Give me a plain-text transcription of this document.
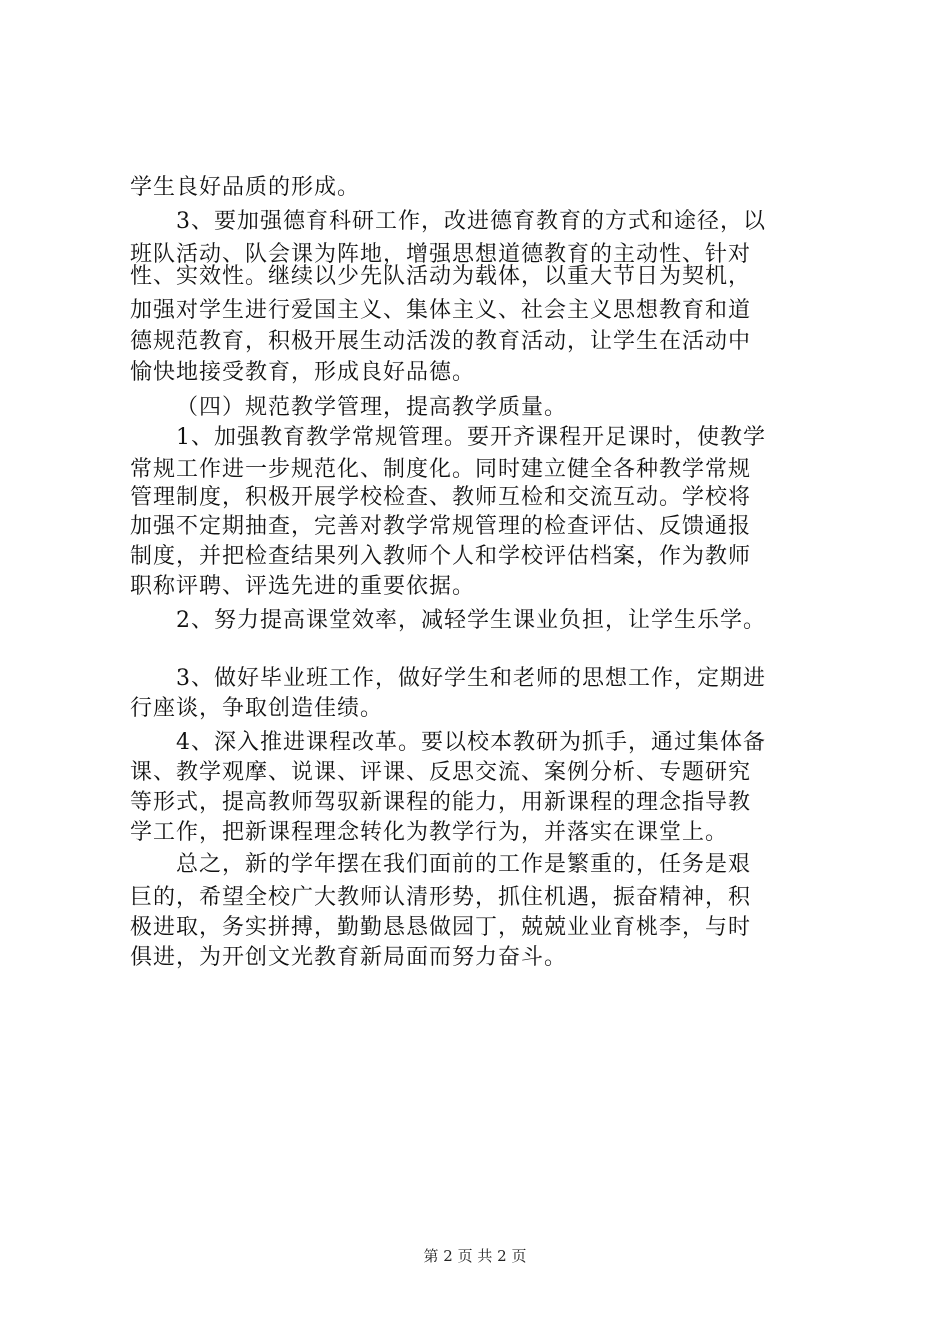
学生良好品质的形成。
3、要加强德育科研工作，改进德育教育的方式和途径，以
班队活动、队会课为阵地，增强思想道德教育的主动性、针对
性、实效性。继续以少先队活动为载体，以重大节日为契机，
加强对学生进行爱国主义、集体主义、社会主义思想教育和道
德规范教育，积极开展生动活泼的教育活动，让学生在活动中
愉快地接受教育，形成良好品德。
（四）规范教学管理，提高教学质量。
1、加强教育教学常规管理。要开齐课程开足课时，使教学
常规工作进一步规范化、制度化。同时建立健全各种教学常规
管理制度，积极开展学校检查、教师互检和交流互动。学校将
加强不定期抽查，完善对教学常规管理的检查评估、反馈通报
制度，并把检查结果列入教师个人和学校评估档案，作为教师
职称评聘、评选先进的重要依据。
2、努力提高课堂效率，减轻学生课业负担，让学生乐学。
3、做好毕业班工作，做好学生和老师的思想工作，定期进
行座谈，争取创造佳绩。
4、深入推进课程改革。要以校本教研为抓手，通过集体备
课、教学观摩、说课、评课、反思交流、案例分析、专题研究
等形式，提高教师驾驭新课程的能力，用新课程的理念指导教
学工作，把新课程理念转化为教学行为，并落实在课堂上。
总之，新的学年摆在我们面前的工作是繁重的，任务是艰
巨的，希望全校广大教师认清形势，抓住机遇，振奋精神，积
极进取，务实拼搏，勤勤恳恳做园丁，兢兢业业育桃李，与时
俱进，为开创文光教育新局面而努力奋斗。
第 2 页 共 2 页
